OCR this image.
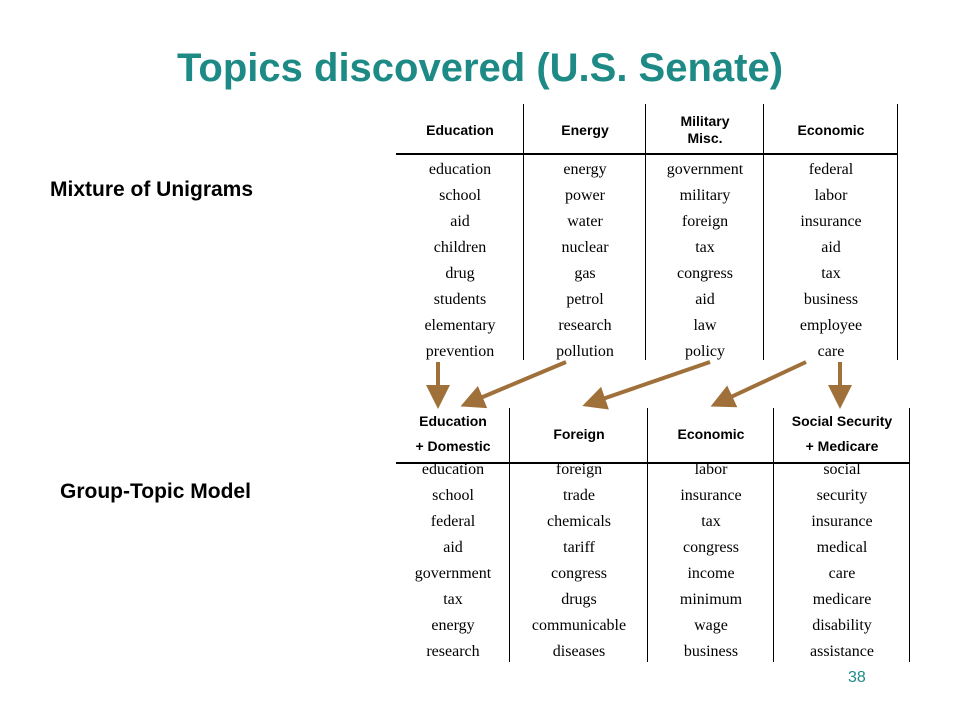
Topics discovered (U.S. Senate)
Mixture of Unigrams
Group-Topic Model
Education	Energy
Military
Misc.
Economic
education
school
aid
children
drug
students
elementary
prevention
energy
power
water
nuclear
gas
petrol
research
pollution
government
military
foreign
tax
congress
aid
law
policy
federal
labor
insurance
aid
tax
business
employee
care
Education
+ Domestic
Foreign	Economic
Social Security
+ Medicare
education
school
federal
aid
government
tax
energy
research
foreign
trade
chemicals
tariff
congress
drugs
communicable
diseases
labor
insurance
tax
congress
income
minimum
wage
business
social
security
insurance
medical
care
medicare
disability
assistance
38
